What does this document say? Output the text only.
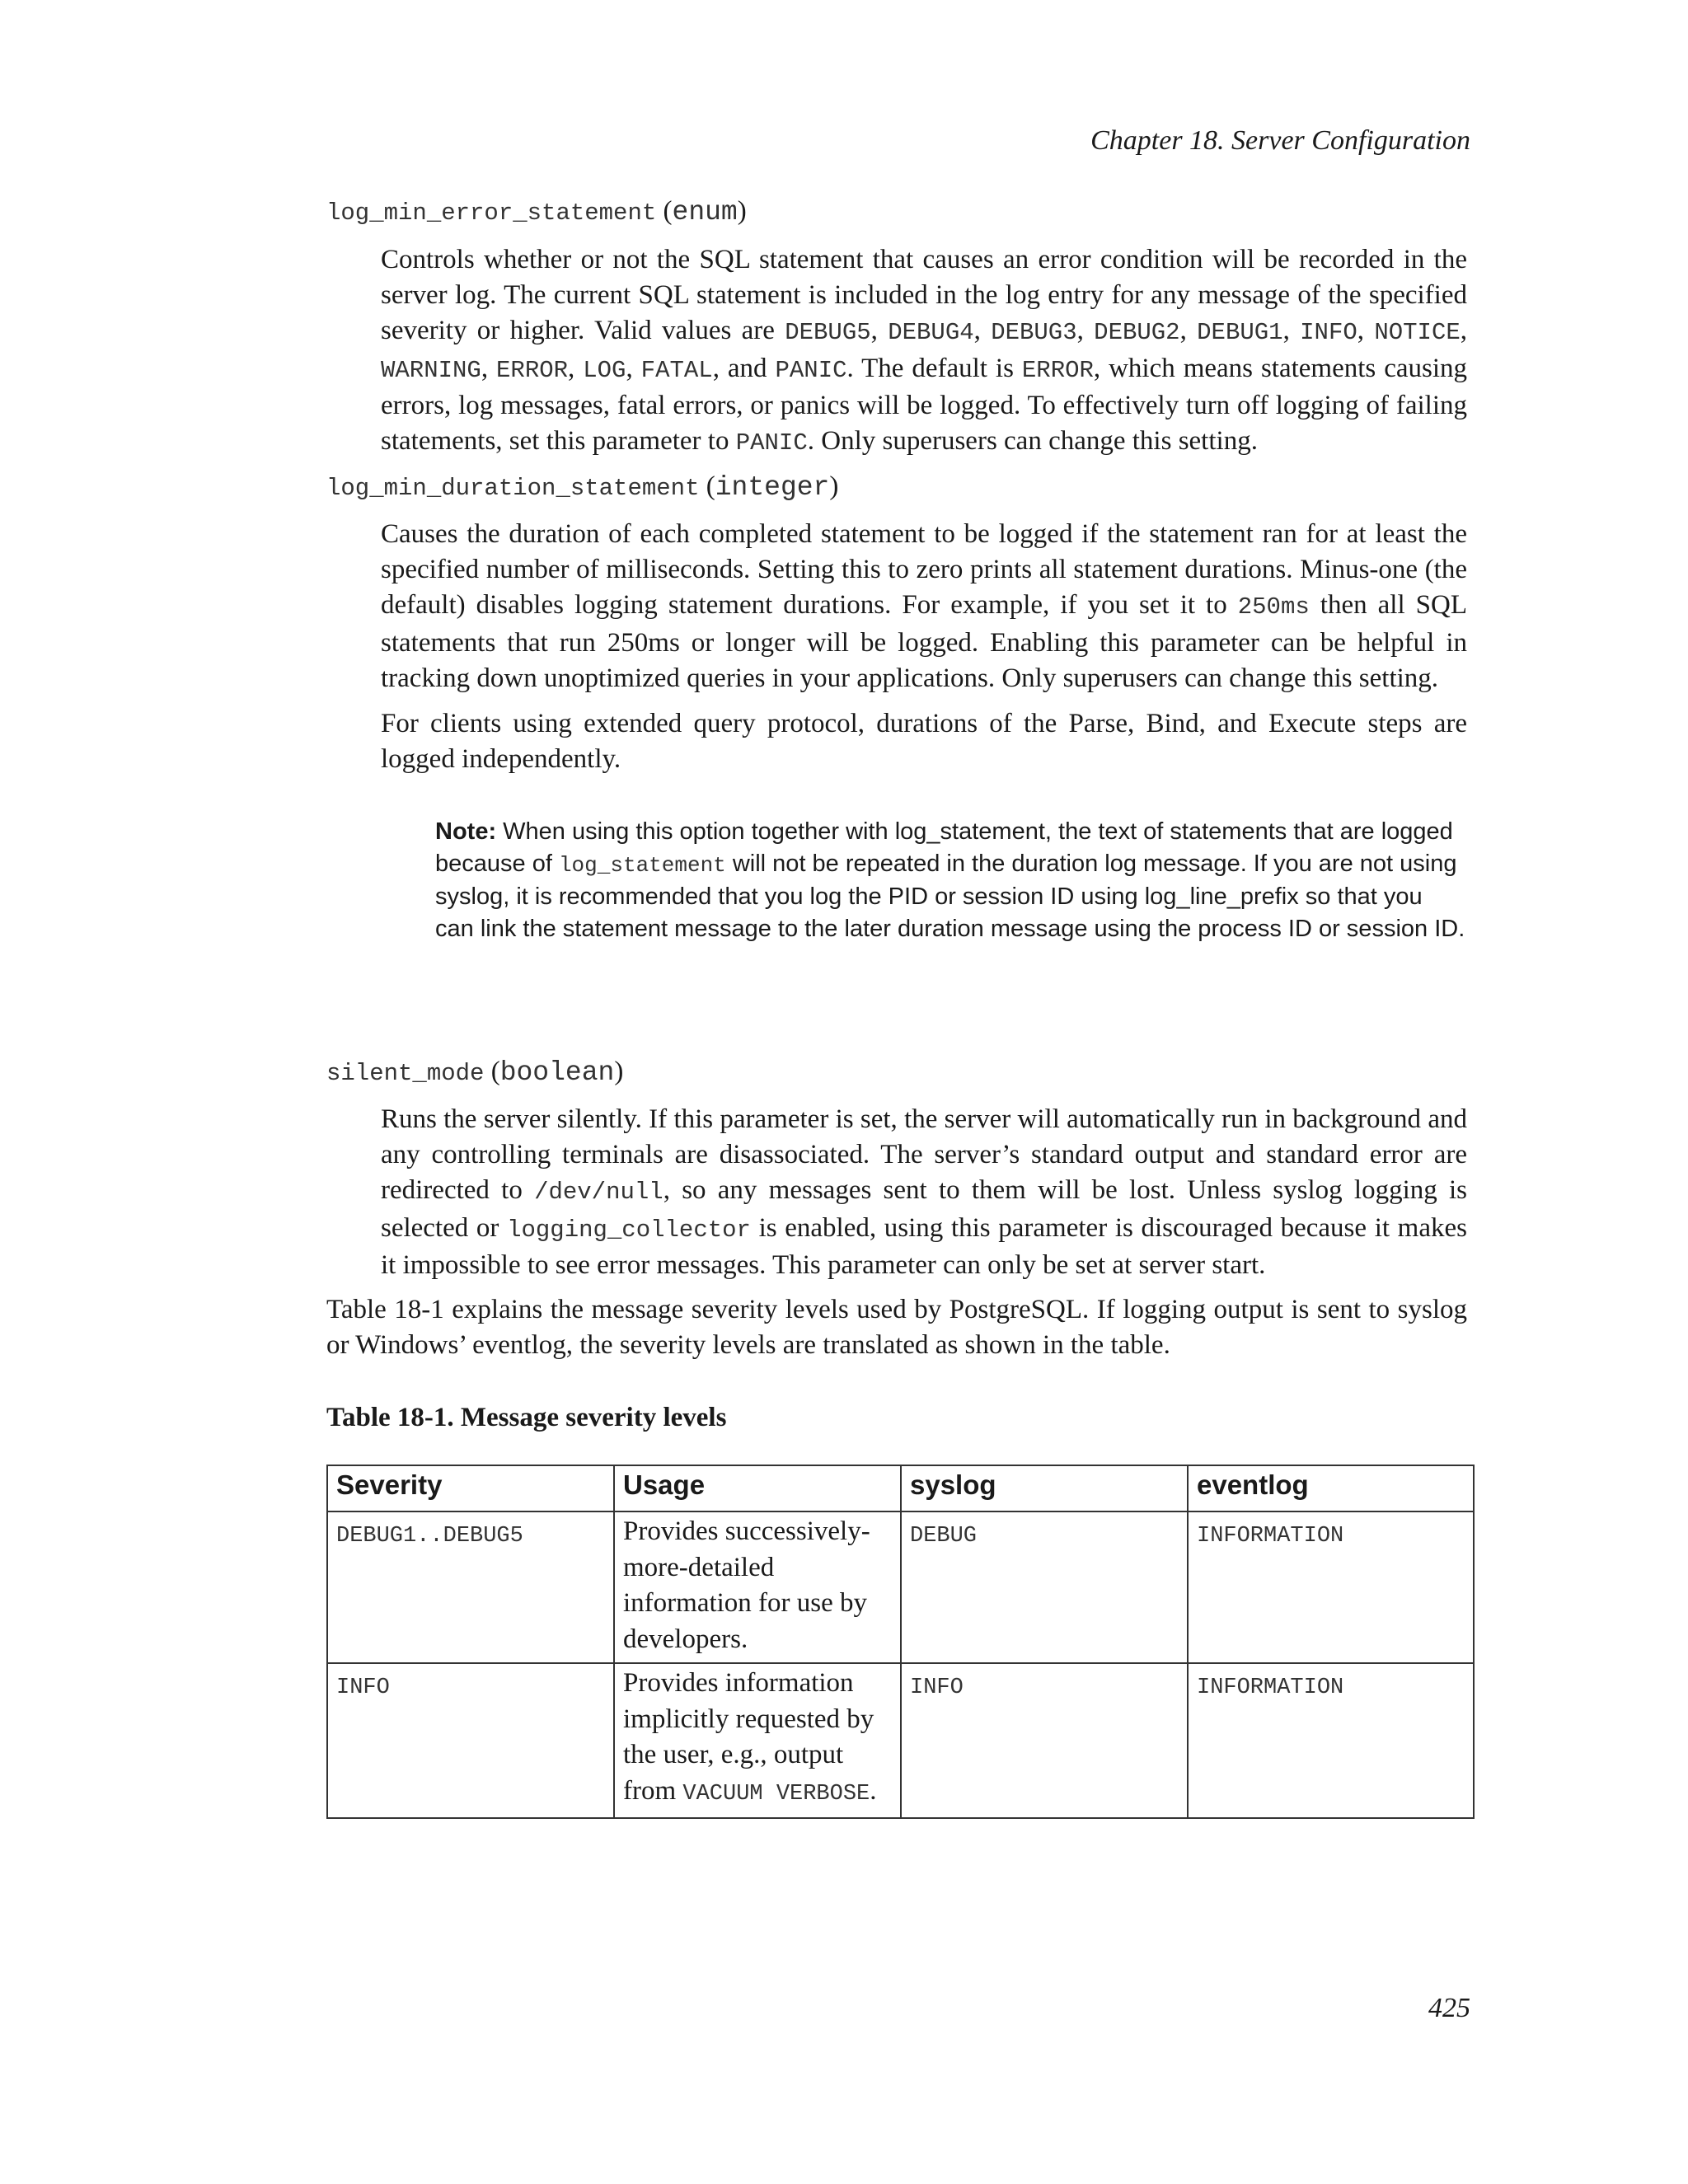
Chapter 18. Server Configuration
log_min_error_statement (enum)

Controls whether or not the SQL statement that causes an error condition will be recorded in the server log. The current SQL statement is included in the log entry for any message of the specified severity or higher. Valid values are DEBUG5, DEBUG4, DEBUG3, DEBUG2, DEBUG1, INFO, NOTICE, WARNING, ERROR, LOG, FATAL, and PANIC. The default is ERROR, which means statements causing errors, log messages, fatal errors, or panics will be logged. To effectively turn off logging of failing statements, set this parameter to PANIC. Only superusers can change this setting.

log_min_duration_statement (integer)

Causes the duration of each completed statement to be logged if the statement ran for at least the specified number of milliseconds. Setting this to zero prints all statement durations. Minus-one (the default) disables logging statement durations. For example, if you set it to 250ms then all SQL statements that run 250ms or longer will be logged. Enabling this parameter can be helpful in tracking down unoptimized queries in your applications. Only superusers can change this setting.

For clients using extended query protocol, durations of the Parse, Bind, and Execute steps are logged independently.

Note: When using this option together with log_statement, the text of statements that are logged because of log_statement will not be repeated in the duration log message. If you are not using syslog, it is recommended that you log the PID or session ID using log_line_prefix so that you can link the statement message to the later duration message using the process ID or session ID.

silent_mode (boolean)

Runs the server silently. If this parameter is set, the server will automatically run in background and any controlling terminals are disassociated. The server’s standard output and standard error are redirected to /dev/null, so any messages sent to them will be lost. Unless syslog logging is selected or logging_collector is enabled, using this parameter is discouraged because it makes it impossible to see error messages. This parameter can only be set at server start.

Table 18-1 explains the message severity levels used by PostgreSQL. If logging output is sent to syslog or Windows’ eventlog, the severity levels are translated as shown in the table.

Table 18-1. Message severity levels
Severity	Usage	syslog	eventlog
DEBUG1..DEBUG5	Provides successively-more-detailed information for use by developers.	DEBUG	INFORMATION
INFO	Provides information implicitly requested by the user, e.g., output from VACUUM VERBOSE.	INFO	INFORMATION
425
